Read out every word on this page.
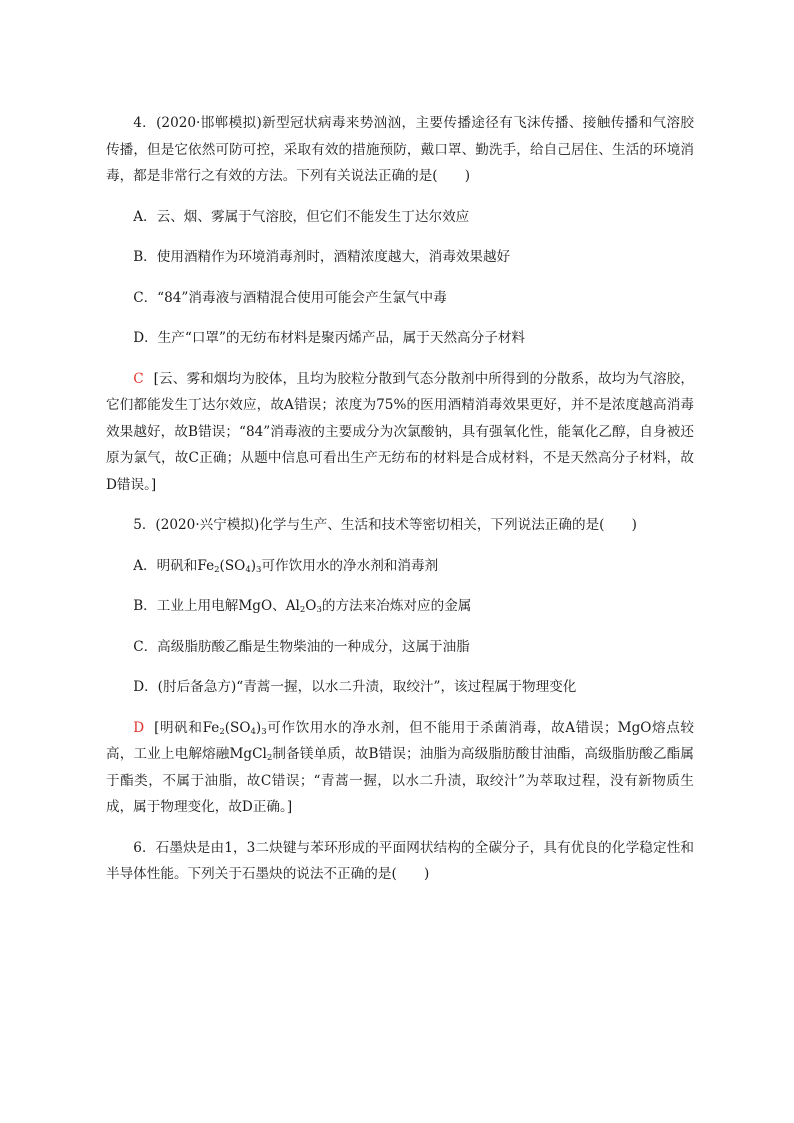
4．(2020·邯郸模拟)新型冠状病毒来势汹汹，主要传播途径有飞沫传播、接触传播和气溶胶传播，但是它依然可防可控，采取有效的措施预防，戴口罩、勤洗手，给自己居住、生活的环境消毒，都是非常行之有效的方法。下列有关说法正确的是(　　)

A．云、烟、雾属于气溶胶，但它们不能发生丁达尔效应

B．使用酒精作为环境消毒剂时，酒精浓度越大，消毒效果越好

C．“84”消毒液与酒精混合使用可能会产生氯气中毒

D．生产“口罩”的无纺布材料是聚丙烯产品，属于天然高分子材料

C [云、雾和烟均为胶体，且均为胶粒分散到气态分散剂中所得到的分散系，故均为气溶胶，它们都能发生丁达尔效应，故A错误；浓度为75%的医用酒精消毒效果更好，并不是浓度越高消毒效果越好，故B错误；“84”消毒液的主要成分为次氯酸钠，具有强氧化性，能氧化乙醇，自身被还原为氯气，故C正确；从题中信息可看出生产无纺布的材料是合成材料，不是天然高分子材料，故D错误。]

5．(2020·兴宁模拟)化学与生产、生活和技术等密切相关，下列说法正确的是(　　)

A．明矾和$Fe_2(SO_4)_3$可作饮用水的净水剂和消毒剂

B．工业上用电解MgO、$Al_2O_3$的方法来冶炼对应的金属

C．高级脂肪酸乙酯是生物柴油的一种成分，这属于油脂

D．(肘后备急方)“青蒿一握，以水二升渍，取绞汁”，该过程属于物理变化

D [明矾和$Fe_2(SO_4)_3$可作饮用水的净水剂，但不能用于杀菌消毒，故A错误；MgO熔点较高，工业上电解熔融MgCl$_2$制备镁单质，故B错误；油脂为高级脂肪酸甘油酯，高级脂肪酸乙酯属于酯类，不属于油脂，故C错误；“青蒿一握，以水二升渍，取绞汁”为萃取过程，没有新物质生成，属于物理变化，故D正确。]

6．石墨炔是由1，3二炔键与苯环形成的平面网状结构的全碳分子，具有优良的化学稳定性和半导体性能。下列关于石墨炔的说法不正确的是(　　)
